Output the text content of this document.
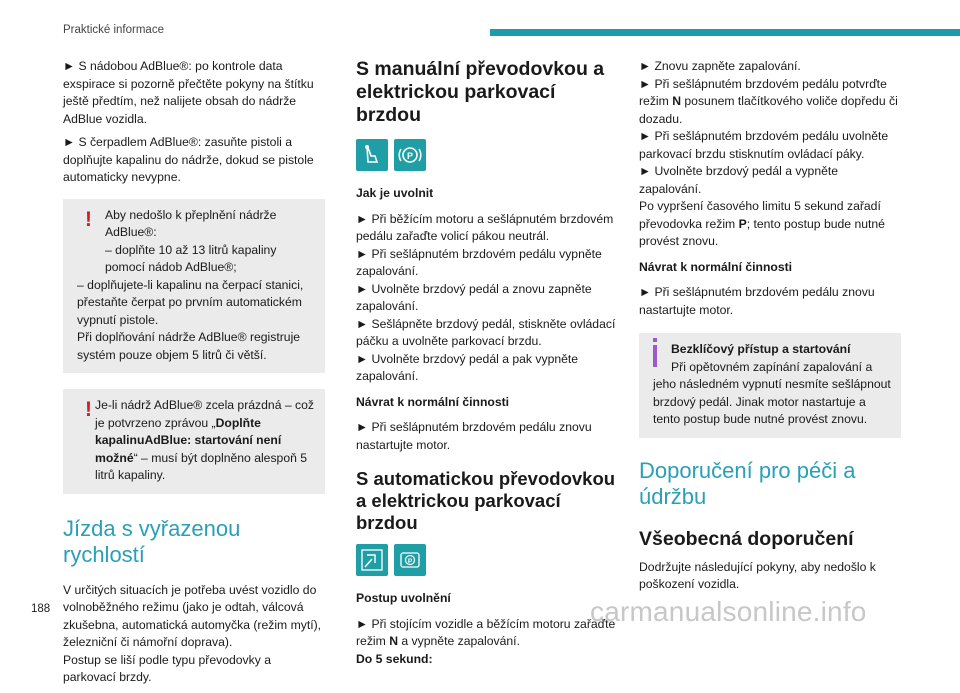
Praktické informace

► S nádobou AdBlue®: po kontrole data exspirace si pozorně přečtěte pokyny na štítku ještě předtím, než nalijete obsah do nádrže AdBlue vozidla.

► S čerpadlem AdBlue®: zasuňte pistoli a doplňujte kapalinu do nádrže, dokud se pistole automaticky nevypne.

!	Aby nedošlo k přeplnění nádrže AdBlue®:
– doplňte 10 až 13 litrů kapaliny pomocí nádob AdBlue®;
– doplňujete-li kapalinu na čerpací stanici, přestaňte čerpat po prvním automatickém vypnutí pistole.
Při doplňování nádrže AdBlue® registruje systém pouze objem 5 litrů či větší.
! Je-li nádrž AdBlue® zcela prázdná – což je potvrzeno zprávou „Doplňte kapalinuAdBlue: startování není možné“ – musí být doplněno alespoň 5 litrů kapaliny.
Jízda s vyřazenou rychlostí

V určitých situacích je potřeba uvést vozidlo do volnoběžného režimu (jako je odtah, válcová zkušebna, automatická automyčka (režim mytí), železniční či námořní doprava).

Postup se liší podle typu převodovky a parkovací brzdy.

S manuální převodovkou a elektrickou parkovací brzdou
P
Jak je uvolnit

► Při běžícím motoru a sešlápnutém brzdovém pedálu zařaďte volicí pákou neutrál.

► Při sešlápnutém brzdovém pedálu vypněte zapalování.

► Uvolněte brzdový pedál a znovu zapněte zapalování.

► Sešlápněte brzdový pedál, stiskněte ovládací páčku a uvolněte parkovací brzdu.

► Uvolněte brzdový pedál a pak vypněte zapalování.

Návrat k normální činnosti

► Při sešlápnutém brzdovém pedálu znovu nastartujte motor.

S automatickou převodovkou a elektrickou parkovací brzdou
P
Postup uvolnění

► Při stojícím vozidle a běžícím motoru zařaďte režim N a vypněte zapalování.

Do 5 sekund:

► Znovu zapněte zapalování.

► Při sešlápnutém brzdovém pedálu potvrďte režim N posunem tlačítkového voliče dopředu či dozadu.

► Při sešlápnutém brzdovém pedálu uvolněte parkovací brzdu stisknutím ovládací páky.

► Uvolněte brzdový pedál a vypněte zapalování.

Po vypršení časového limitu 5 sekund zařadí převodovka režim P; tento postup bude nutné provést znovu.

Návrat k normální činnosti

► Při sešlápnutém brzdovém pedálu znovu nastartujte motor.

Bezklíčový přístup a startování
Při opětovném zapínání zapalování a jeho následném vypnutí nesmíte sešlápnout brzdový pedál. Jinak motor nastartuje a tento postup bude nutné provést znovu.
Doporučení pro péči a údržbu
Všeobecná doporučení

Dodržujte následující pokyny, aby nedošlo k poškození vozidla.

188	carmanualsonline.info
